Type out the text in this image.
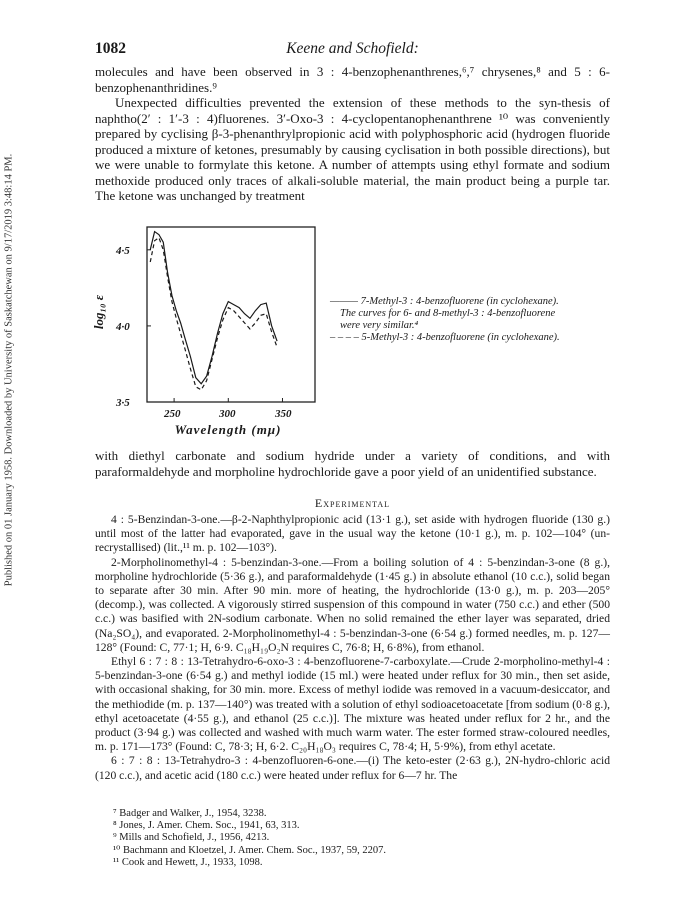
Published on 01 January 1958. Downloaded by University of Saskatchewan on 9/17/2019 3:48:14 PM.
1082	Keene and Schofield:

molecules and have been observed in 3 : 4-benzophenanthrenes,⁶,⁷ chrysenes,⁸ and 5 : 6-benzophenanthridines.⁹

Unexpected difficulties prevented the extension of these methods to the syn-thesis of naphtho(2′ : 1′-3 : 4)fluorenes. 3′-Oxo-3 : 4-cyclopentanophenanthrene ¹⁰ was conveniently prepared by cyclising β-3-phenanthrylpropionic acid with polyphosphoric acid (hydrogen fluoride produced a mixture of ketones, presumably by causing cyclisation in both possible directions), but we were unable to formylate this ketone. A number of attempts using ethyl formate and sodium methoxide produced only traces of alkali-soluble material, the main product being a purple tar. The ketone was unchanged by treatment

log₁₀ ε
4·5
4·0
3·5
250	300	350
Wavelength (mμ)
——— 7-Methyl-3 : 4-benzofluorene (in cyclohexane).
The curves for 6- and 8-methyl-3 : 4-benzofluorene were very similar.⁴
– – – – 5-Methyl-3 : 4-benzofluorene (in cyclohexane).

with diethyl carbonate and sodium hydride under a variety of conditions, and with paraformaldehyde and morpholine hydrochloride gave a poor yield of an unidentified substance.

Experimental

4 : 5-Benzindan-3-one.—β-2-Naphthylpropionic acid (13·1 g.), set aside with hydrogen fluoride (130 g.) until most of the latter had evaporated, gave in the usual way the ketone (10·1 g.), m. p. 102—104° (un-recrystallised) (lit.,¹¹ m. p. 102—103°).

2-Morpholinomethyl-4 : 5-benzindan-3-one.—From a boiling solution of 4 : 5-benzindan-3-one (8 g.), morpholine hydrochloride (5·36 g.), and paraformaldehyde (1·45 g.) in absolute ethanol (10 c.c.), solid began to separate after 30 min. After 90 min. more of heating, the hydrochloride (13·0 g.), m. p. 203—205° (decomp.), was collected. A vigorously stirred suspension of this compound in water (750 c.c.) and ether (500 c.c.) was basified with 2N-sodium carbonate. When no solid remained the ether layer was separated, dried (Na₂SO₄), and evaporated. 2-Morpholinomethyl-4 : 5-benzindan-3-one (6·54 g.) formed needles, m. p. 127—128° (Found: C, 77·1; H, 6·9. C₁₈H₁₉O₂N requires C, 76·8; H, 6·8%), from ethanol.

Ethyl 6 : 7 : 8 : 13-Tetrahydro-6-oxo-3 : 4-benzofluorene-7-carboxylate.—Crude 2-morpholino-methyl-4 : 5-benzindan-3-one (6·54 g.) and methyl iodide (15 ml.) were heated under reflux for 30 min., then set aside, with occasional shaking, for 30 min. more. Excess of methyl iodide was removed in a vacuum-desiccator, and the methiodide (m. p. 137—140°) was treated with a solution of ethyl sodioacetoacetate [from sodium (0·8 g.), ethyl acetoacetate (4·55 g.), and ethanol (25 c.c.)]. The mixture was heated under reflux for 2 hr., and the product (3·94 g.) was collected and washed with much warm water. The ester formed straw-coloured needles, m. p. 171—173° (Found: C, 78·3; H, 6·2. C₂₀H₁₈O₃ requires C, 78·4; H, 5·9%), from ethyl acetate.

6 : 7 : 8 : 13-Tetrahydro-3 : 4-benzofluoren-6-one.—(i) The keto-ester (2·63 g.), 2N-hydro-chloric acid (120 c.c.), and acetic acid (180 c.c.) were heated under reflux for 6—7 hr. The

⁷ Badger and Walker, J., 1954, 3238.
⁸ Jones, J. Amer. Chem. Soc., 1941, 63, 313.
⁹ Mills and Schofield, J., 1956, 4213.
¹⁰ Bachmann and Kloetzel, J. Amer. Chem. Soc., 1937, 59, 2207.
¹¹ Cook and Hewett, J., 1933, 1098.
